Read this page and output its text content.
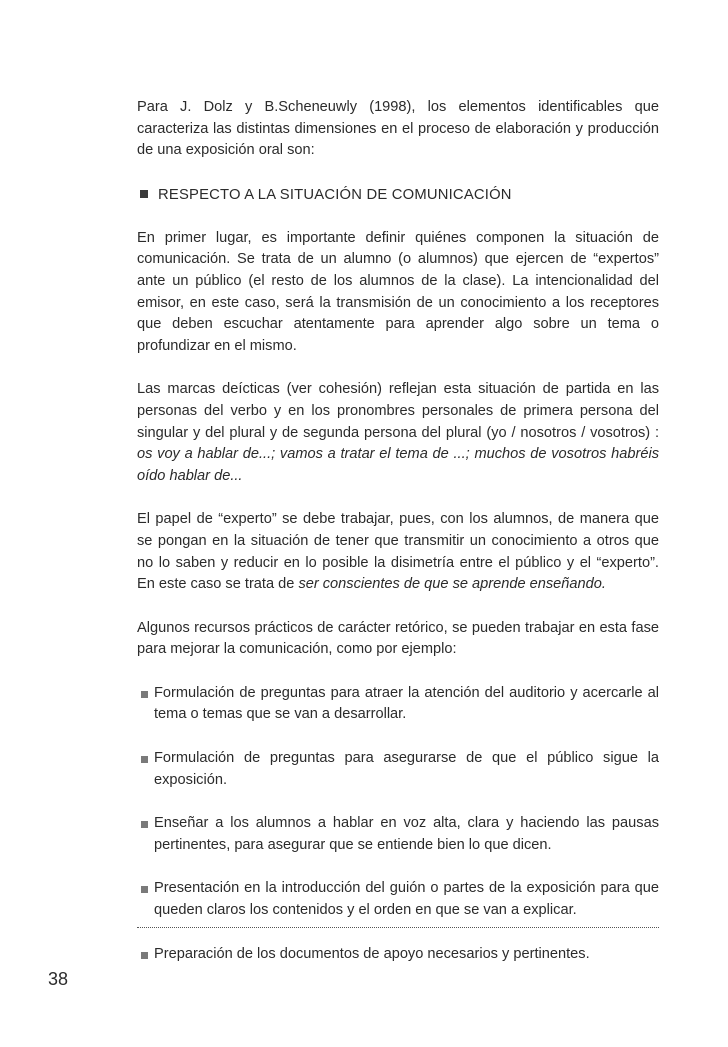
Para J. Dolz y B.Scheneuwly (1998), los elementos identificables que caracteriza las distintas dimensiones en el proceso de elaboración y producción de una exposición oral son:

RESPECTO A LA SITUACIÓN DE COMUNICACIÓN

En primer lugar, es importante definir quiénes componen la situación de comunicación. Se trata de un alumno (o alumnos) que ejercen de “expertos” ante un público (el resto de los alumnos de la clase). La intencionalidad del emisor, en este caso, será la transmisión de un conocimiento a los receptores que deben escuchar atentamente para aprender algo sobre un tema o profundizar en el mismo.

Las marcas deícticas (ver cohesión) reflejan esta situación de partida en las personas del verbo y en los pronombres personales de primera persona del singular y del plural y de segunda persona del plural (yo / nosotros / vosotros) : os voy a hablar de...; vamos a tratar el tema de ...; muchos de vosotros habréis oído hablar de...

El papel de “experto” se debe trabajar, pues, con los alumnos, de manera que se pongan en la situación de tener que transmitir un conocimiento a otros que no lo saben y reducir en lo posible la disimetría entre el público y el “experto”. En este caso se trata de ser conscientes de que se aprende enseñando.

Algunos recursos prácticos de carácter retórico, se pueden trabajar en esta fase para mejorar la comunicación, como por ejemplo:

Formulación de preguntas para atraer la atención del auditorio y acercarle al tema o temas que se van a desarrollar.
Formulación de preguntas para asegurarse de que el público sigue la exposición.
Enseñar a los alumnos a hablar en voz alta, clara y haciendo las pausas pertinentes, para asegurar que se entiende bien lo que dicen.
Presentación en la introducción del guión o partes de la exposición para que queden claros los contenidos y el orden en que se van a explicar.
Preparación de los documentos de apoyo necesarios y pertinentes.
38
